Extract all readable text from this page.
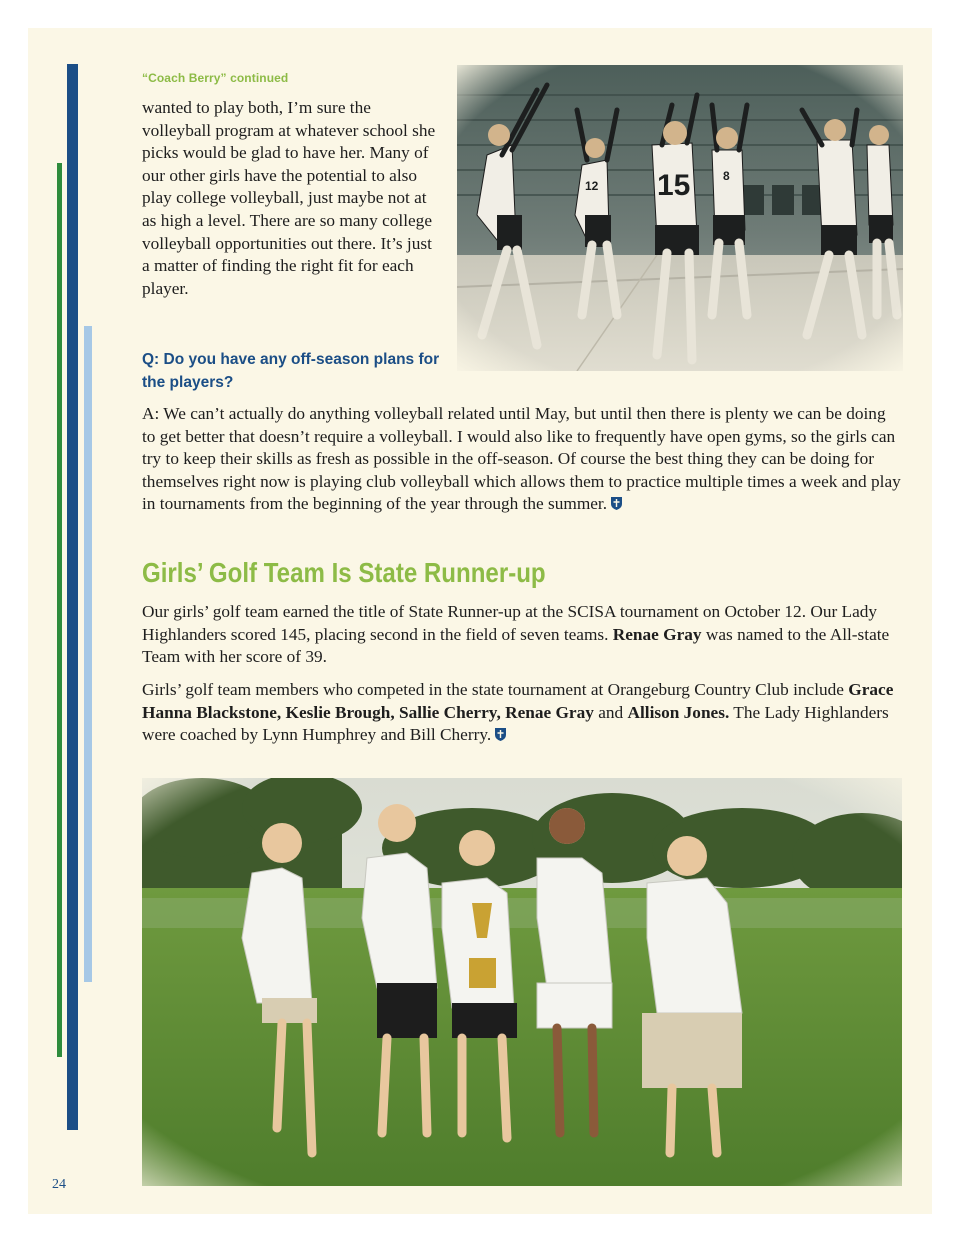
“Coach Berry” continued

wanted to play both, I’m sure the volleyball program at whatever school she picks would be glad to have her. Many of our other girls have the potential to also play college volleyball, just maybe not at as high a level. There are so many college volleyball opportunities out there. It’s just a matter of finding the right fit for each player.

Q: Do you have any off-season plans for the players?

A: We can’t actually do anything volleyball related until May, but until then there is plenty we can be doing to get better that doesn’t require a volleyball. I would also like to frequently have open gyms, so the girls can try to keep their skills as fresh as possible in the off-season. Of course the best thing they can be doing for themselves right now is playing club volleyball which allows them to practice multiple times a week and play in tournaments from the beginning of the year through the summer.

Girls’ Golf Team Is State Runner-up

Our girls’ golf team earned the title of State Runner-up at the SCISA tournament on October 12. Our Lady Highlanders scored 145, placing second in the field of seven teams. Renae Gray was named to the All-state Team with her score of 39.

Girls’ golf team members who competed in the state tournament at Orangeburg Country Club include Grace Hanna Blackstone, Keslie Brough, Sallie Cherry, Renae Gray and Allison Jones. The Lady Highlanders were coached by Lynn Humphrey and Bill Cherry.

24
